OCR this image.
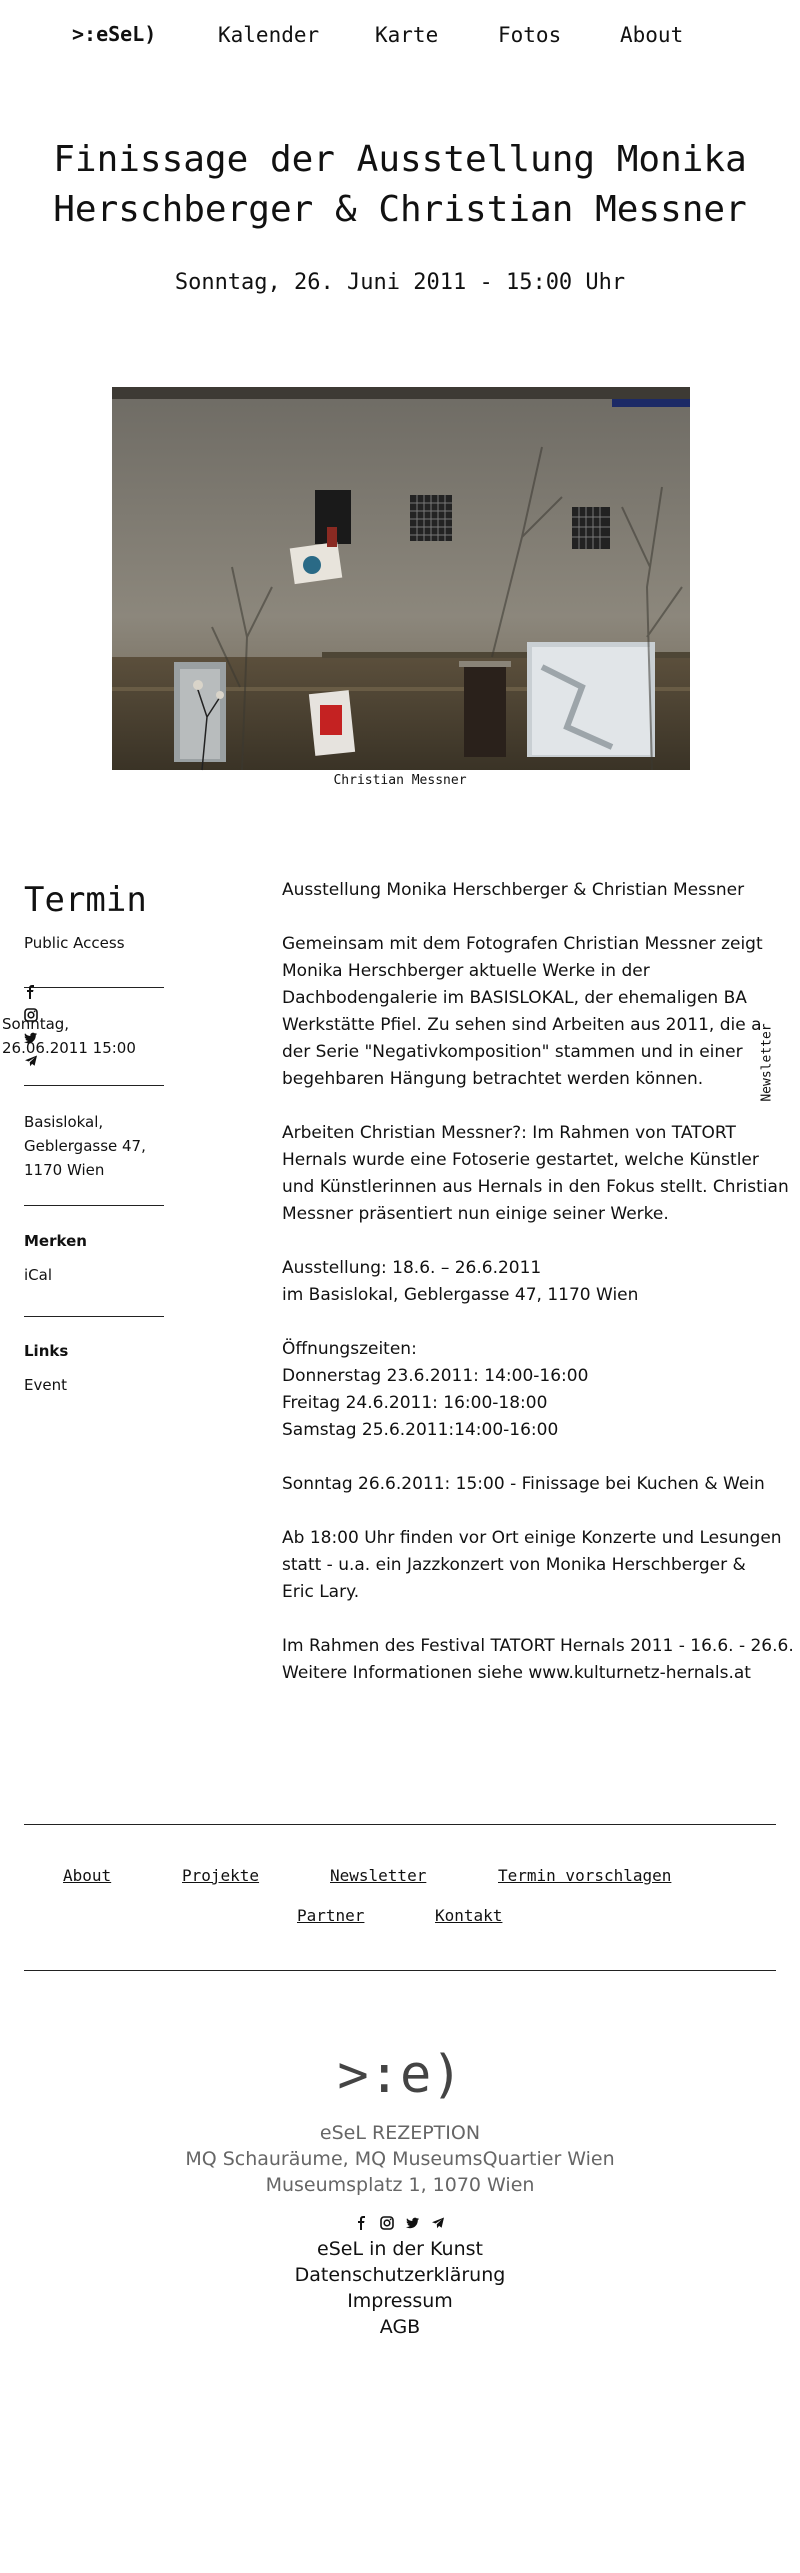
>:eSeL)	Kalender	Karte	Fotos	About
Finissage der Ausstellung Monika
Herschberger & Christian Messner
Sonntag, 26. Juni 2011 - 15:00 Uhr
Christian Messner
Termin
Public Access
Sonntag,
26.06.2011 15:00
Basislokal,
Geblergasse 47,
1170 Wien
Merken
iCal
Links
Event

Ausstellung Monika Herschberger & Christian Messner

Gemeinsam mit dem Fotografen Christian Messner zeigt
Monika Herschberger aktuelle Werke in der
Dachbodengalerie im BASISLOKAL, der ehemaligen BA
Werkstätte Pfiel. Zu sehen sind Arbeiten aus 2011, die a
der Serie "Negativkomposition" stammen und in einer
begehbaren Hängung betrachtet werden können.

Arbeiten Christian Messner?: Im Rahmen von TATORT
Hernals wurde eine Fotoserie gestartet, welche Künstler
und Künstlerinnen aus Hernals in den Fokus stellt. Christian
Messner präsentiert nun einige seiner Werke.

Ausstellung: 18.6. – 26.6.2011
im Basislokal, Geblergasse 47, 1170 Wien

Öffnungszeiten:
Donnerstag 23.6.2011: 14:00-16:00
Freitag 24.6.2011: 16:00-18:00
Samstag 25.6.2011:14:00-16:00

Sonntag 26.6.2011: 15:00 - Finissage bei Kuchen & Wein

Ab 18:00 Uhr finden vor Ort einige Konzerte und Lesungen
statt - u.a. ein Jazzkonzert von Monika Herschberger &
Eric Lary.

Im Rahmen des Festival TATORT Hernals 2011 - 16.6. - 26.6.
Weitere Informationen siehe www.kulturnetz-hernals.at

Newsletter
About	Projekte	Newsletter	Termin vorschlagen
Partner	Kontakt
>:e)
eSeL REZEPTION
MQ Schauräume, MQ MuseumsQuartier Wien
Museumsplatz 1, 1070 Wien

eSeL in der Kunst
Datenschutzerklärung
Impressum
AGB
